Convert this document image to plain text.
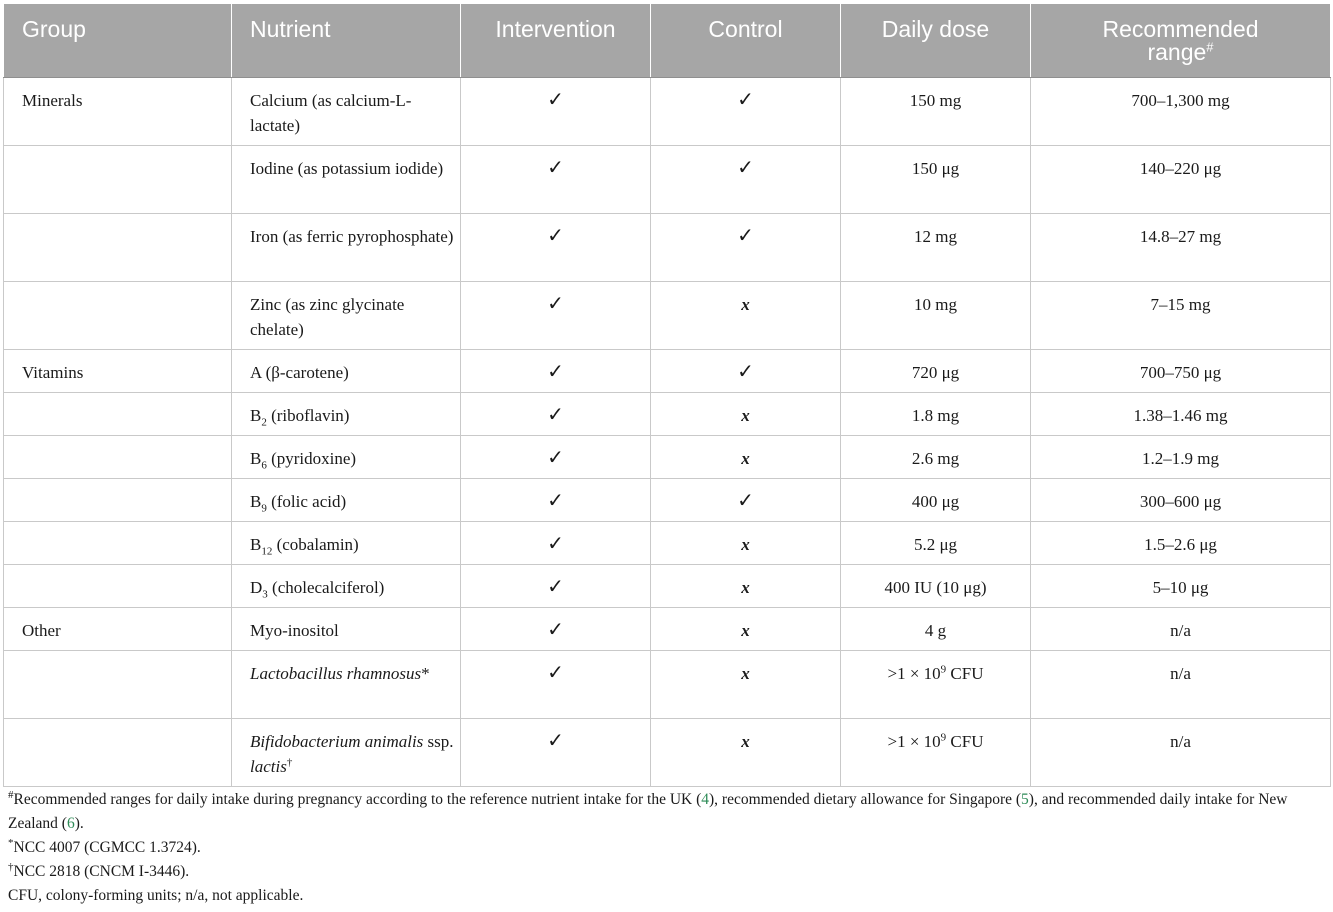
Group	Nutrient	Intervention	Control	Daily dose	Recommended
range#

Minerals	Calcium (as calcium-L-lactate)	✓	✓	150 mg	700–1,300 mg
	Iodine (as potassium iodide)	✓	✓	150 μg	140–220 μg
	Iron (as ferric pyrophosphate)	✓	✓	12 mg	14.8–27 mg
	Zinc (as zinc glycinate chelate)	✓	x	10 mg	7–15 mg
Vitamins	A (β-carotene)	✓	✓	720 μg	700–750 μg
	$B_2$ (riboflavin)	✓	x	1.8 mg	1.38–1.46 mg
	$B_6$ (pyridoxine)	✓	x	2.6 mg	1.2–1.9 mg
	$B_9$ (folic acid)	✓	✓	400 μg	300–600 μg
	$B_{12}$ (cobalamin)	✓	x	5.2 μg	1.5–2.6 μg
	$D_3$ (cholecalciferol)	✓	x	400 IU (10 μg)	5–10 μg
Other	Myo-inositol	✓	x	4 g	n/a
	Lactobacillus rhamnosus*	✓	x	$>1 \times 10^9$ CFU	n/a
	Bifidobacterium animalis ssp. lactis†	✓	x	$>1 \times 10^9$ CFU	n/a
#Recommended ranges for daily intake during pregnancy according to the reference nutrient intake for the UK (4), recommended dietary allowance for Singapore (5), and recommended daily intake for New Zealand (6).
*NCC 4007 (CGMCC 1.3724).
†NCC 2818 (CNCM I-3446).
CFU, colony-forming units; n/a, not applicable.
